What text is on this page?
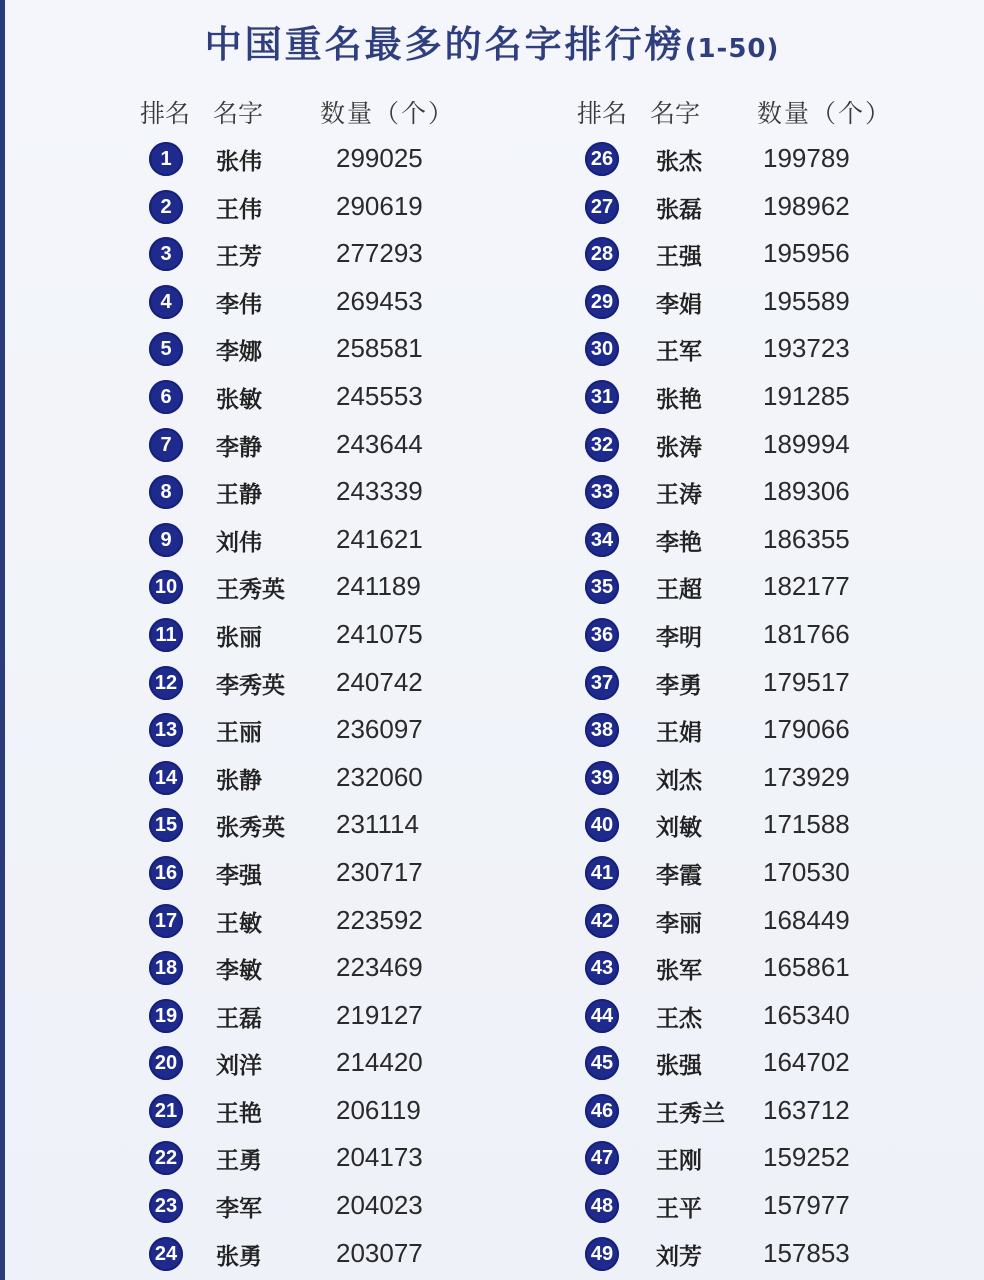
中国重名最多的名字排行榜(1-50)
排名 名字 数量（个）
1	张伟	299025
2	王伟	290619
3	王芳	277293
4	李伟	269453
5	李娜	258581
6	张敏	245553
7	李静	243644
8	王静	243339
9	刘伟	241621
10 王秀英 241189
11 张丽	241075
12 李秀英 240742
13 王丽	236097
14 张静	232060
15 张秀英 231114
16 李强	230717
17 王敏	223592
18 李敏	223469
19 王磊	219127
20 刘洋	214420
21 王艳	206119
22 王勇	204173
23 李军	204023
24 张勇	203077
排名 名字 数量（个）
26 张杰 199789
27 张磊 198962
28 王强 195956
29 李娟 195589
30 王军 193723
31 张艳 191285
32 张涛 189994
33 王涛 189306
34 李艳 186355
35 王超 182177
36 李明 181766
37 李勇 179517
38 王娟 179066
39 刘杰 173929
40 刘敏 171588
41 李霞 170530
42 李丽 168449
43 张军 165861
44 王杰 165340
45 张强 164702
46 王秀兰 163712
47 王刚 159252
48 王平 157977
49 刘芳 157853
